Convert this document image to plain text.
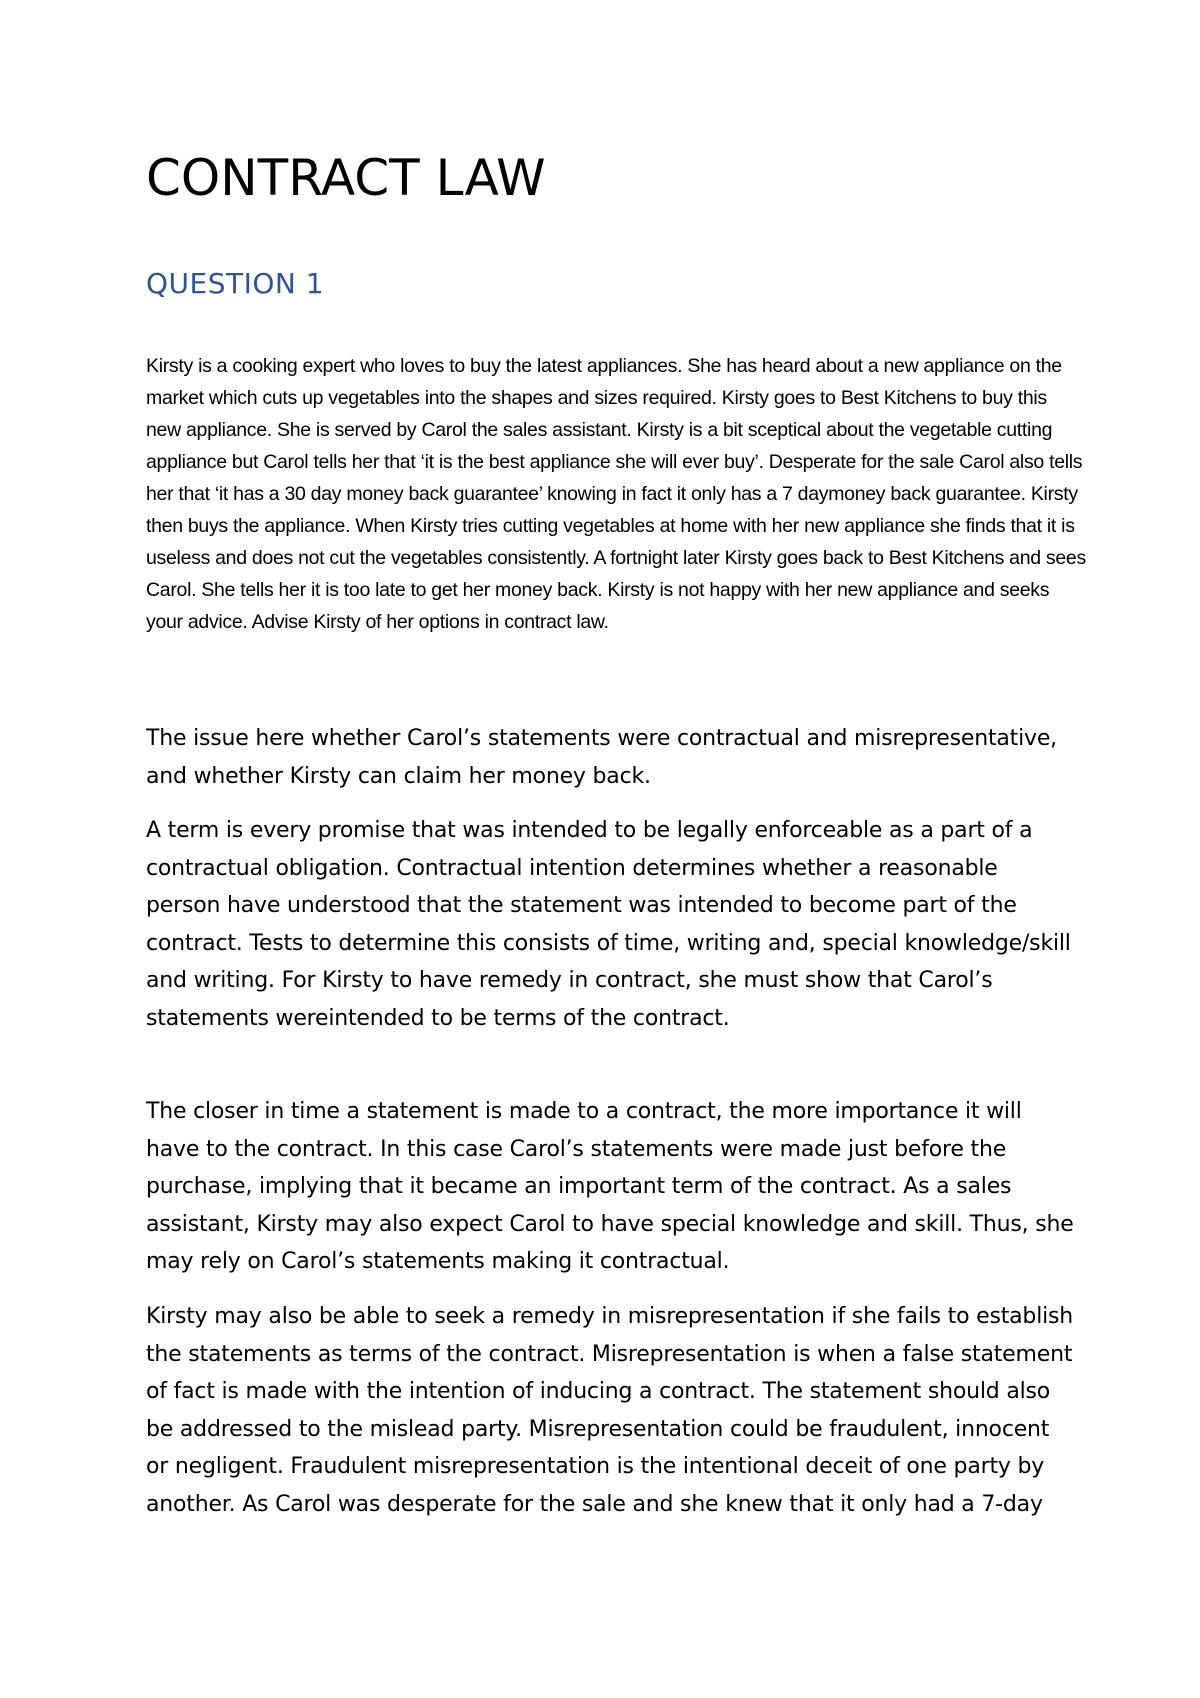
CONTRACT LAW
QUESTION 1

Kirsty is a cooking expert who loves to buy the latest appliances. She has heard about a new appliance on the market which cuts up vegetables into the shapes and sizes required. Kirsty goes to Best Kitchens to buy this new appliance. She is served by Carol the sales assistant. Kirsty is a bit sceptical about the vegetable cutting appliance but Carol tells her that ‘it is the best appliance she will ever buy’. Desperate for the sale Carol also tells her that ‘it has a 30 day money back guarantee’ knowing in fact it only has a 7 daymoney back guarantee. Kirsty then buys the appliance. When Kirsty tries cutting vegetables at home with her new appliance she finds that it is useless and does not cut the vegetables consistently. A fortnight later Kirsty goes back to Best Kitchens and sees Carol. She tells her it is too late to get her money back. Kirsty is not happy with her new appliance and seeks your advice. Advise Kirsty of her options in contract law.

The issue here whether Carol’s statements were contractual and misrepresentative, and whether Kirsty can claim her money back.

A term is every promise that was intended to be legally enforceable as a part of a contractual obligation. Contractual intention determines whether a reasonable person have understood that the statement was intended to become part of the contract. Tests to determine this consists of time, writing and, special knowledge/skill and writing. For Kirsty to have remedy in contract, she must show that Carol’s statements wereintended to be terms of the contract.

The closer in time a statement is made to a contract, the more importance it will have to the contract. In this case Carol’s statements were made just before the purchase, implying that it became an important term of the contract. As a sales assistant, Kirsty may also expect Carol to have special knowledge and skill. Thus, she may rely on Carol’s statements making it contractual.

Kirsty may also be able to seek a remedy in misrepresentation if she fails to establish the statements as terms of the contract. Misrepresentation is when a false statement of fact is made with the intention of inducing a contract. The statement should also be addressed to the mislead party. Misrepresentation could be fraudulent, innocent or negligent. Fraudulent misrepresentation is the intentional deceit of one party by another. As Carol was desperate for the sale and she knew that it only had a 7-day
